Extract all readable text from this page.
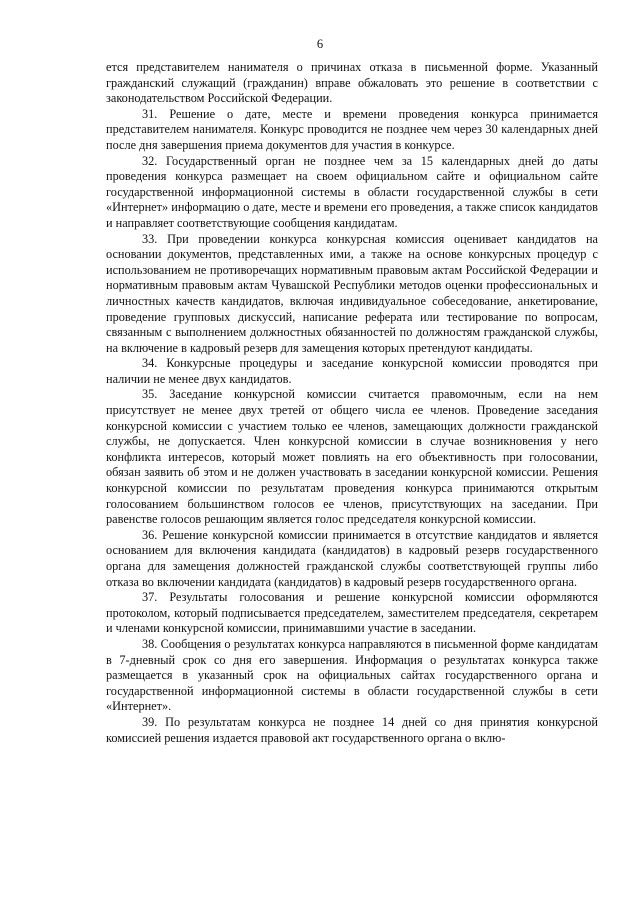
6

ется представителем нанимателя о причинах отказа в письменной форме. Указанный гражданский служащий (гражданин) вправе обжаловать это решение в соответствии с законодательством Российской Федерации.

31. Решение о дате, месте и времени проведения конкурса принимается представителем нанимателя. Конкурс проводится не позднее чем через 30 календарных дней после дня завершения приема документов для участия в конкурсе.

32. Государственный орган не позднее чем за 15 календарных дней до даты проведения конкурса размещает на своем официальном сайте и официальном сайте государственной информационной системы в области государственной службы в сети «Интернет» информацию о дате, месте и времени его проведения, а также список кандидатов и направляет соответствующие сообщения кандидатам.

33. При проведении конкурса конкурсная комиссия оценивает кандидатов на основании документов, представленных ими, а также на основе конкурсных процедур с использованием не противоречащих нормативным правовым актам Российской Федерации и нормативным правовым актам Чувашской Республики методов оценки профессиональных и личностных качеств кандидатов, включая индивидуальное собеседование, анкетирование, проведение групповых дискуссий, написание реферата или тестирование по вопросам, связанным с выполнением должностных обязанностей по должностям гражданской службы, на включение в кадровый резерв для замещения которых претендуют кандидаты.

34. Конкурсные процедуры и заседание конкурсной комиссии проводятся при наличии не менее двух кандидатов.

35. Заседание конкурсной комиссии считается правомочным, если на нем присутствует не менее двух третей от общего числа ее членов. Проведение заседания конкурсной комиссии с участием только ее членов, замещающих должности гражданской службы, не допускается. Член конкурсной комиссии в случае возникновения у него конфликта интересов, который может повлиять на его объективность при голосовании, обязан заявить об этом и не должен участвовать в заседании конкурсной комиссии. Решения конкурсной комиссии по результатам проведения конкурса принимаются открытым голосованием большинством голосов ее членов, присутствующих на заседании. При равенстве голосов решающим является голос председателя конкурсной комиссии.

36. Решение конкурсной комиссии принимается в отсутствие кандидатов и является основанием для включения кандидата (кандидатов) в кадровый резерв государственного органа для замещения должностей гражданской службы соответствующей группы либо отказа во включении кандидата (кандидатов) в кадровый резерв государственного органа.

37. Результаты голосования и решение конкурсной комиссии оформляются протоколом, который подписывается председателем, заместителем председателя, секретарем и членами конкурсной комиссии, принимавшими участие в заседании.

38. Сообщения о результатах конкурса направляются в письменной форме кандидатам в 7-дневный срок со дня его завершения. Информация о результатах конкурса также размещается в указанный срок на официальных сайтах государственного органа и государственной информационной системы в области государственной службы в сети «Интернет».

39. По результатам конкурса не позднее 14 дней со дня принятия конкурсной комиссией решения издается правовой акт государственного органа о вклю-
